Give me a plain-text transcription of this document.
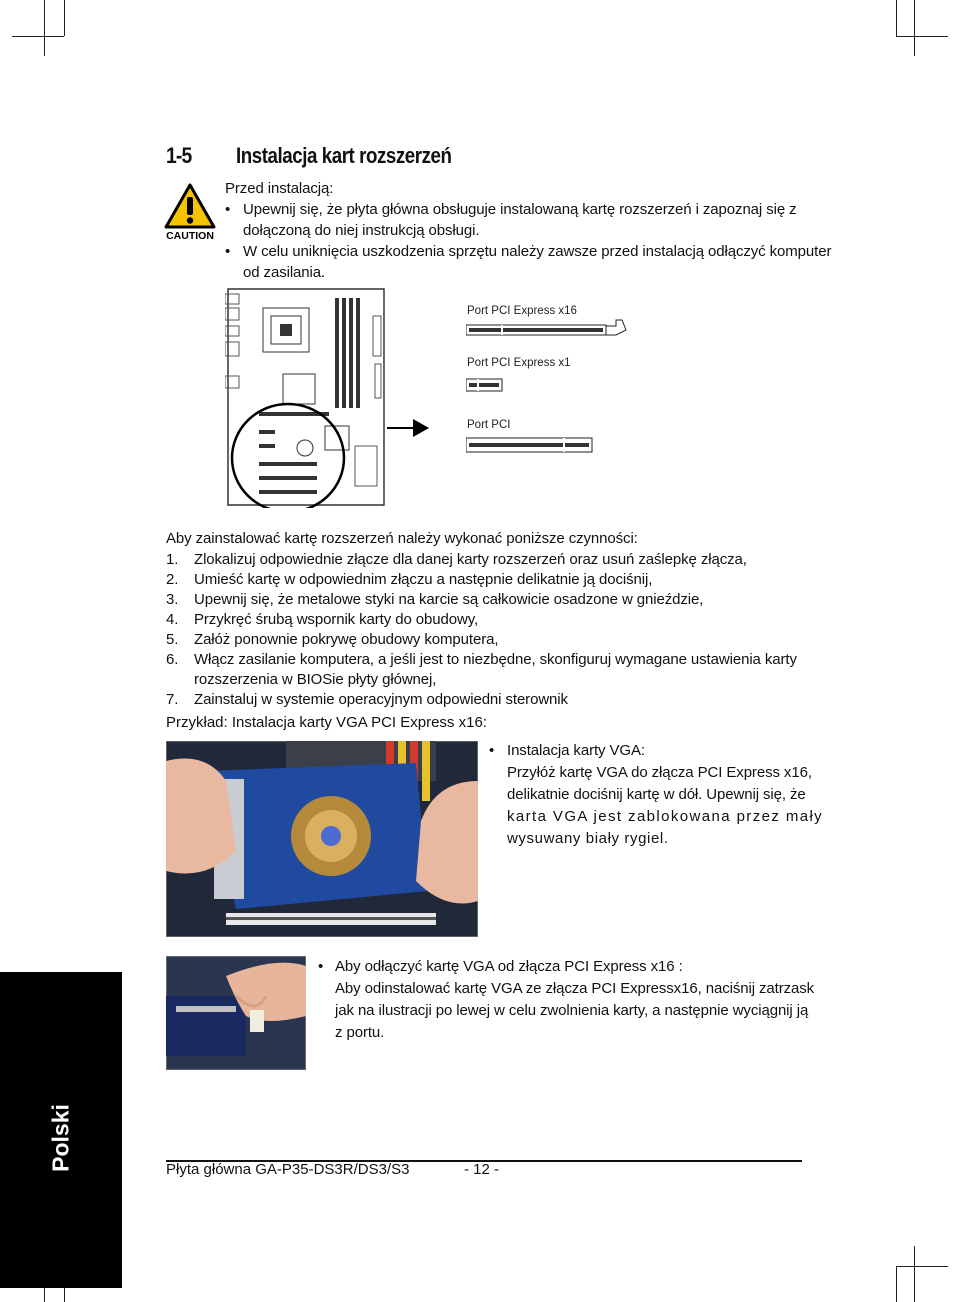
1-5 Instalacja kart rozszerzeń
CAUTION
Przed instalacją:
• Upewnij się, że płyta główna obsługuje instalowaną kartę rozszerzeń i zapoznaj się z
dołączoną do niej instrukcją obsługi.
• W celu uniknięcia uszkodzenia sprzętu należy zawsze przed instalacją odłączyć komputer
od zasilania.
Port PCI Express x16
Port PCI Express x1
Port PCI
Aby zainstalować kartę rozszerzeń należy wykonać poniższe czynności:
1. Zlokalizuj odpowiednie złącze dla danej karty rozszerzeń oraz usuń zaślepkę złącza,
2. Umieść kartę w odpowiednim złączu a następnie delikatnie ją dociśnij,
3. Upewnij się, że metalowe styki na karcie są całkowicie osadzone w gnieździe,
4. Przykręć śrubą wspornik karty do obudowy,
5. Załóż ponownie pokrywę obudowy komputera,
6. Włącz zasilanie komputera, a jeśli jest to niezbędne, skonfiguruj wymagane ustawienia karty
rozszerzenia w BIOSie płyty głównej,
7. Zainstaluj w systemie operacyjnym odpowiedni sterownik
Przykład: Instalacja karty VGA PCI Express x16:
• Instalacja karty VGA:
Przyłóż kartę VGA do złącza PCI Express x16,
delikatnie dociśnij kartę w dół. Upewnij się, że
karta VGA jest zablokowana przez mały
wysuwany biały rygiel.
• Aby odłączyć kartę VGA od złącza PCI Express x16 :
Aby odinstalować kartę VGA ze złącza PCI Expressx16, naciśnij zatrzask
jak na ilustracji po lewej w celu zwolnienia karty, a następnie wyciągnij ją
z portu.
Polski	Płyta główna GA-P35-DS3R/DS3/S3	- 12 -
